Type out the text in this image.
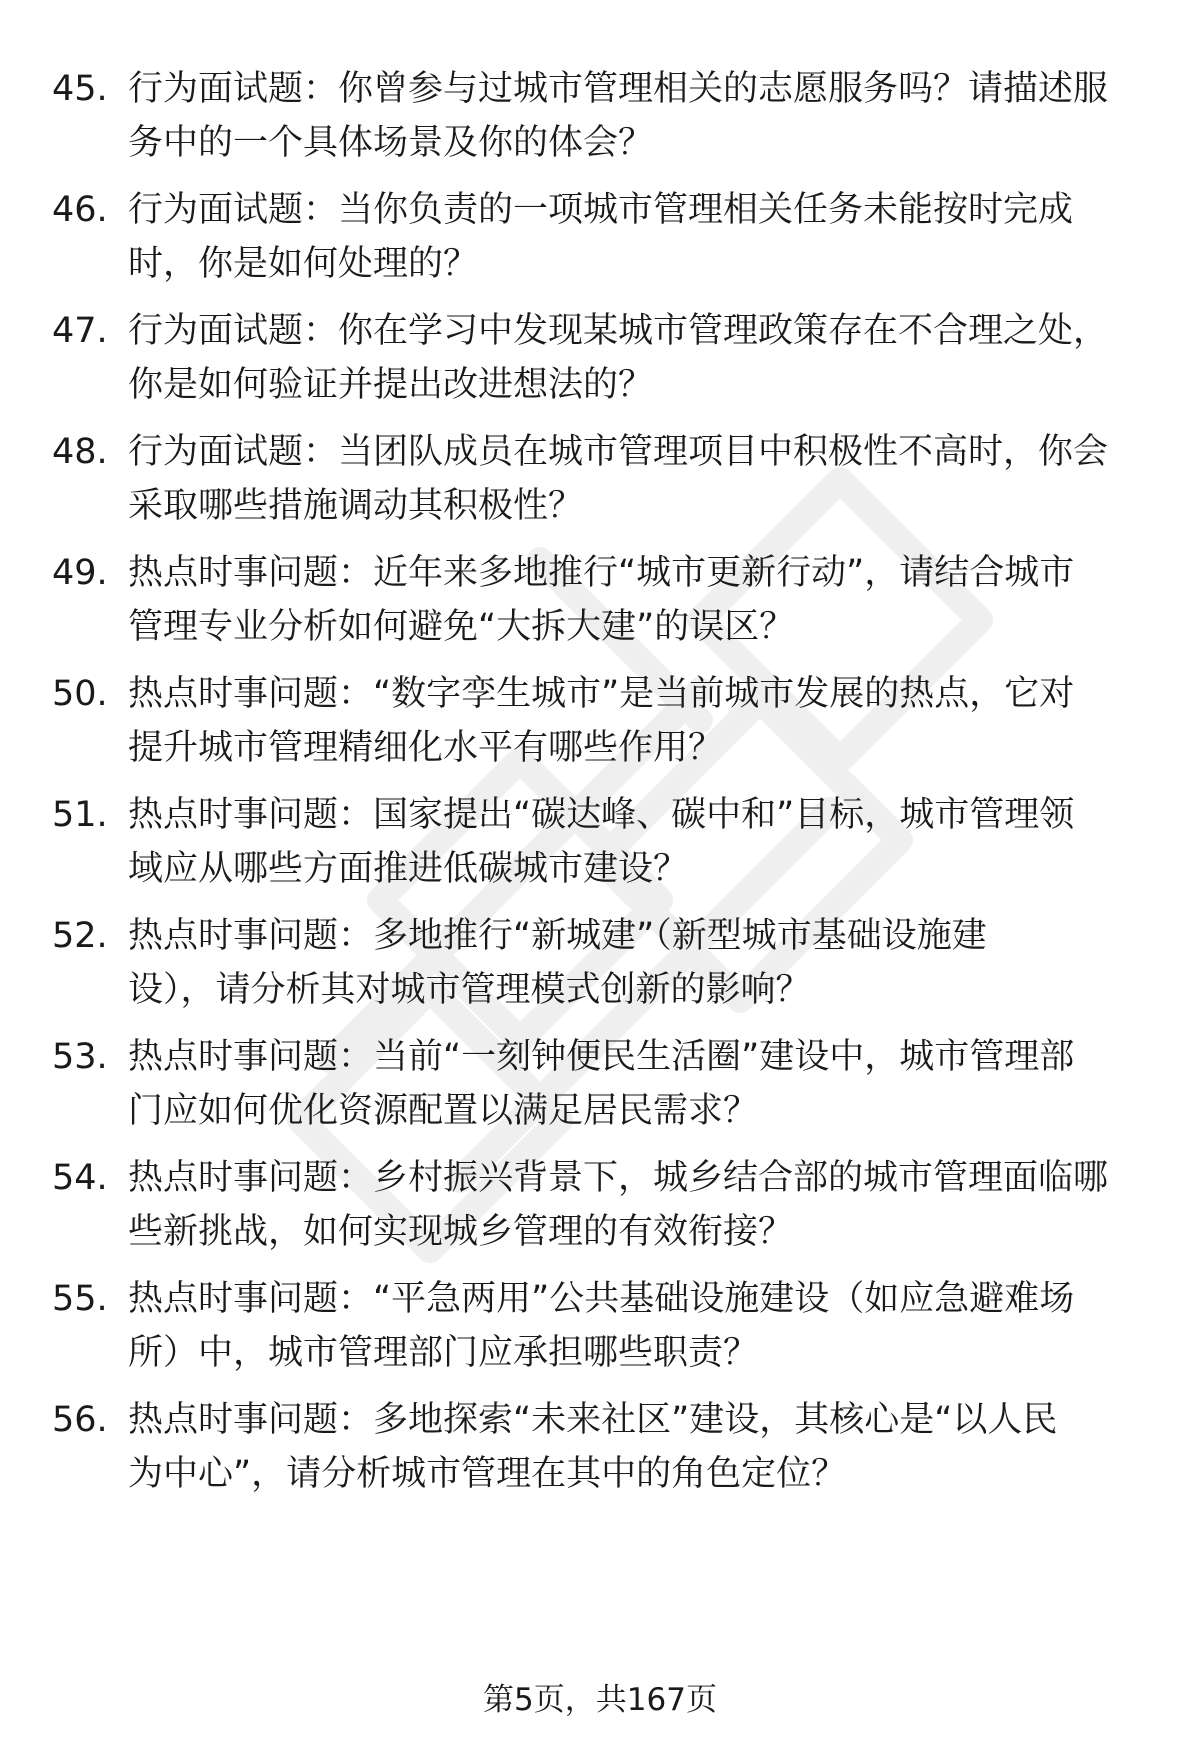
45. 行为面试题：你曾参与过城市管理相关的志愿服务吗？请描述服
务中的一个具体场景及你的体会？
46. 行为面试题：当你负责的一项城市管理相关任务未能按时完成
时，你是如何处理的？
47. 行为面试题：你在学习中发现某城市管理政策存在不合理之处，
你是如何验证并提出改进想法的？
48. 行为面试题：当团队成员在城市管理项目中积极性不高时，你会
采取哪些措施调动其积极性？
49. 热点时事问题：近年来多地推行“城市更新行动”，请结合城市
管理专业分析如何避免“大拆大建”的误区？
50. 热点时事问题：“数字孪生城市”是当前城市发展的热点，它对
提升城市管理精细化水平有哪些作用？
51. 热点时事问题：国家提出“碳达峰、碳中和”目标，城市管理领
域应从哪些方面推进低碳城市建设？
52. 热点时事问题：多地推行“新城建”（新型城市基础设施建
设），请分析其对城市管理模式创新的影响？
53. 热点时事问题：当前“一刻钟便民生活圈”建设中，城市管理部
门应如何优化资源配置以满足居民需求？
54. 热点时事问题：乡村振兴背景下，城乡结合部的城市管理面临哪
些新挑战，如何实现城乡管理的有效衔接？
55. 热点时事问题：“平急两用”公共基础设施建设（如应急避难场
所）中，城市管理部门应承担哪些职责？
56. 热点时事问题：多地探索“未来社区”建设，其核心是“以人民
为中心”，请分析城市管理在其中的角色定位？
第5页，共167页
